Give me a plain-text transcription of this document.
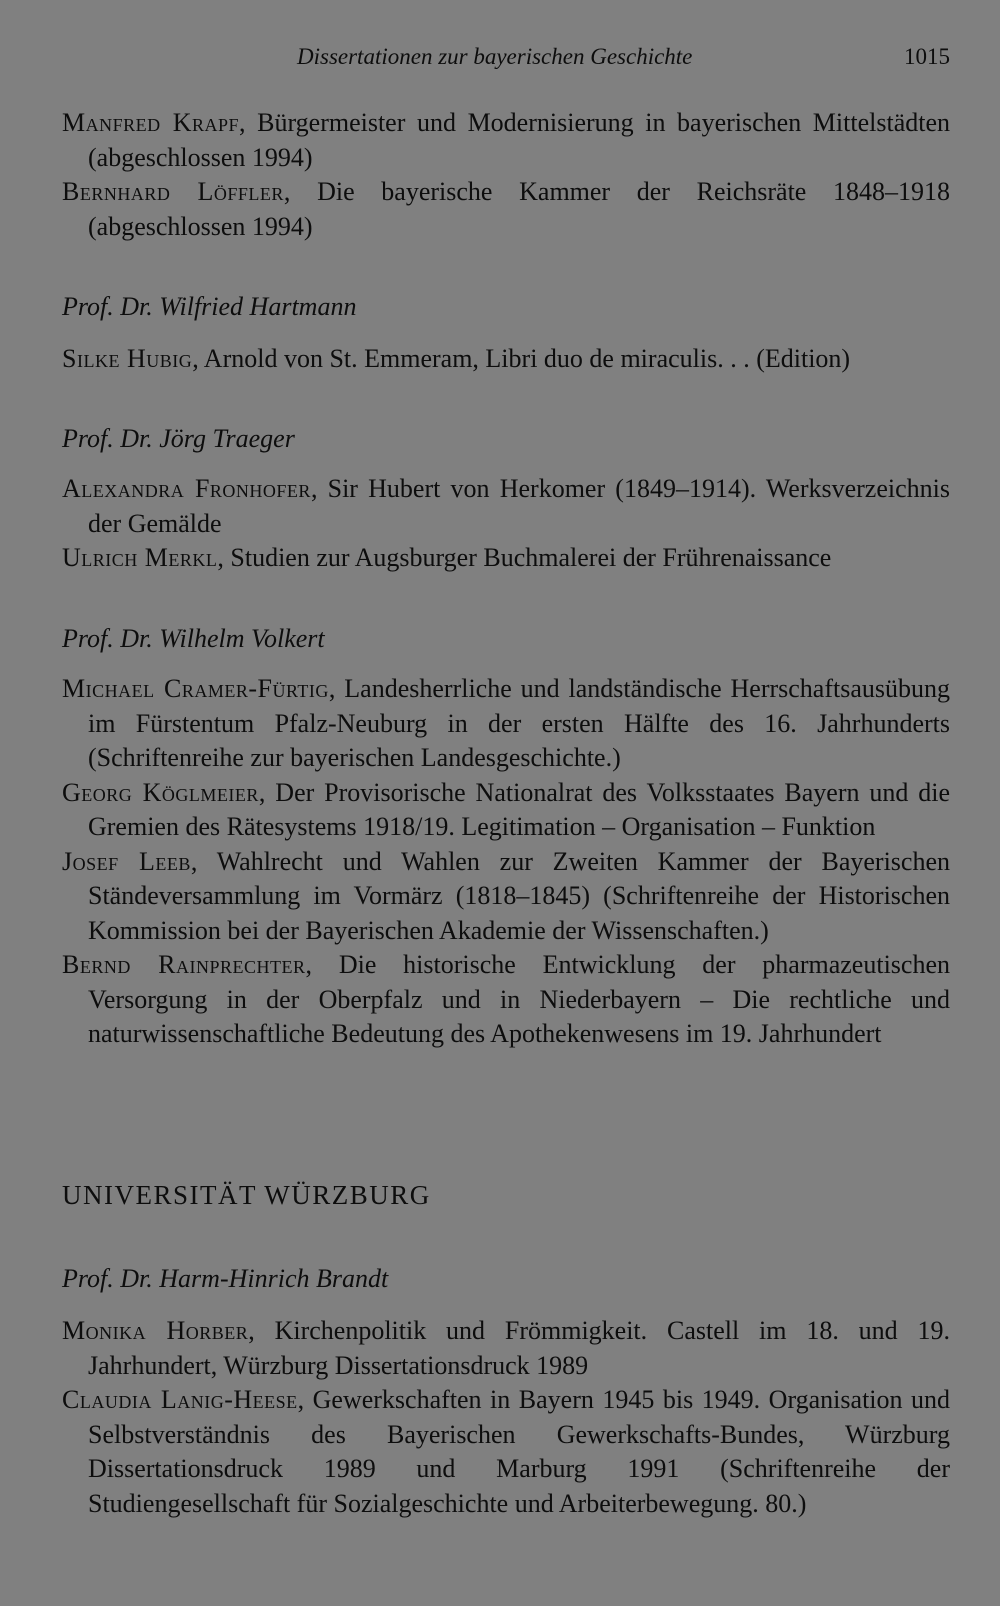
Dissertationen zur bayerischen Geschichte	1015

Manfred Krapf, Bürgermeister und Modernisierung in bayerischen Mittelstädten (abgeschlossen 1994)

Bernhard Löffler, Die bayerische Kammer der Reichsräte 1848–1918 (abgeschlossen 1994)

Prof. Dr. Wilfried Hartmann

Silke Hubig, Arnold von St. Emmeram, Libri duo de miraculis. . . (Edition)

Prof. Dr. Jörg Traeger

Alexandra Fronhofer, Sir Hubert von Herkomer (1849–1914). Werksverzeichnis der Gemälde

Ulrich Merkl, Studien zur Augsburger Buchmalerei der Frührenaissance

Prof. Dr. Wilhelm Volkert

Michael Cramer-Fürtig, Landesherrliche und landständische Herrschaftsausübung im Fürstentum Pfalz-Neuburg in der ersten Hälfte des 16. Jahrhunderts (Schriftenreihe zur bayerischen Landesgeschichte.)

Georg Köglmeier, Der Provisorische Nationalrat des Volksstaates Bayern und die Gremien des Rätesystems 1918/19. Legitimation – Organisation – Funktion

Josef Leeb, Wahlrecht und Wahlen zur Zweiten Kammer der Bayerischen Ständeversammlung im Vormärz (1818–1845) (Schriftenreihe der Historischen Kommission bei der Bayerischen Akademie der Wissenschaften.)

Bernd Rainprechter, Die historische Entwicklung der pharmazeutischen Versorgung in der Oberpfalz und in Niederbayern – Die rechtliche und naturwissenschaftliche Bedeutung des Apothekenwesens im 19. Jahrhundert

UNIVERSITÄT WÜRZBURG

Prof. Dr. Harm-Hinrich Brandt

Monika Horber, Kirchenpolitik und Frömmigkeit. Castell im 18. und 19. Jahrhundert, Würzburg Dissertationsdruck 1989

Claudia Lanig-Heese, Gewerkschaften in Bayern 1945 bis 1949. Organisation und Selbstverständnis des Bayerischen Gewerkschafts-Bundes, Würzburg Dissertationsdruck 1989 und Marburg 1991 (Schriftenreihe der Studiengesellschaft für Sozialgeschichte und Arbeiterbewegung. 80.)
